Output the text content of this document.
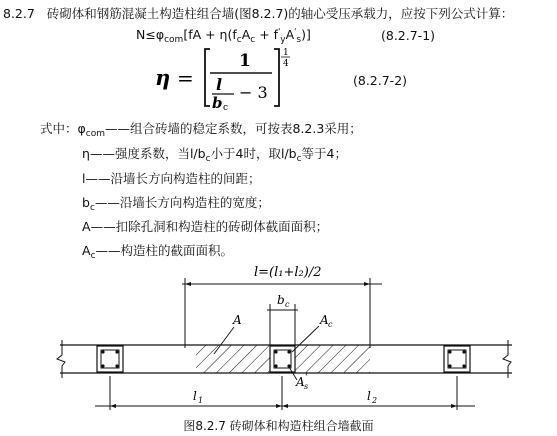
8.2.7 砖砌体和钢筋混凝土构造柱组合墙(图8.2.7)的轴心受压承载力，应按下列公式计算：
$N\le\varphi_{com}[fA + \eta(f_cA_c + f'_yA'_s)]$	(8.2.7-1)
η =
1
l
b c
− 3
1
4
(8.2.7-2)
式中：$\varphi_{com}——$组合砖墙的稳定系数，可按表8.2.3采用；
η——强度系数，当$l/b_c$小于4时，取$l/b_c$等于4；
l——沿墙长方向构造柱的间距；
$b_c——$沿墙长方向构造柱的宽度；
A——扣除孔洞和构造柱的砖砌体截面面积；
$A_c——$构造柱的截面面积。
l=(l₁+l₂)/2
b c
A	A c
A '
s
l 1	l 2
图8.2.7 砖砌体和构造柱组合墙截面
